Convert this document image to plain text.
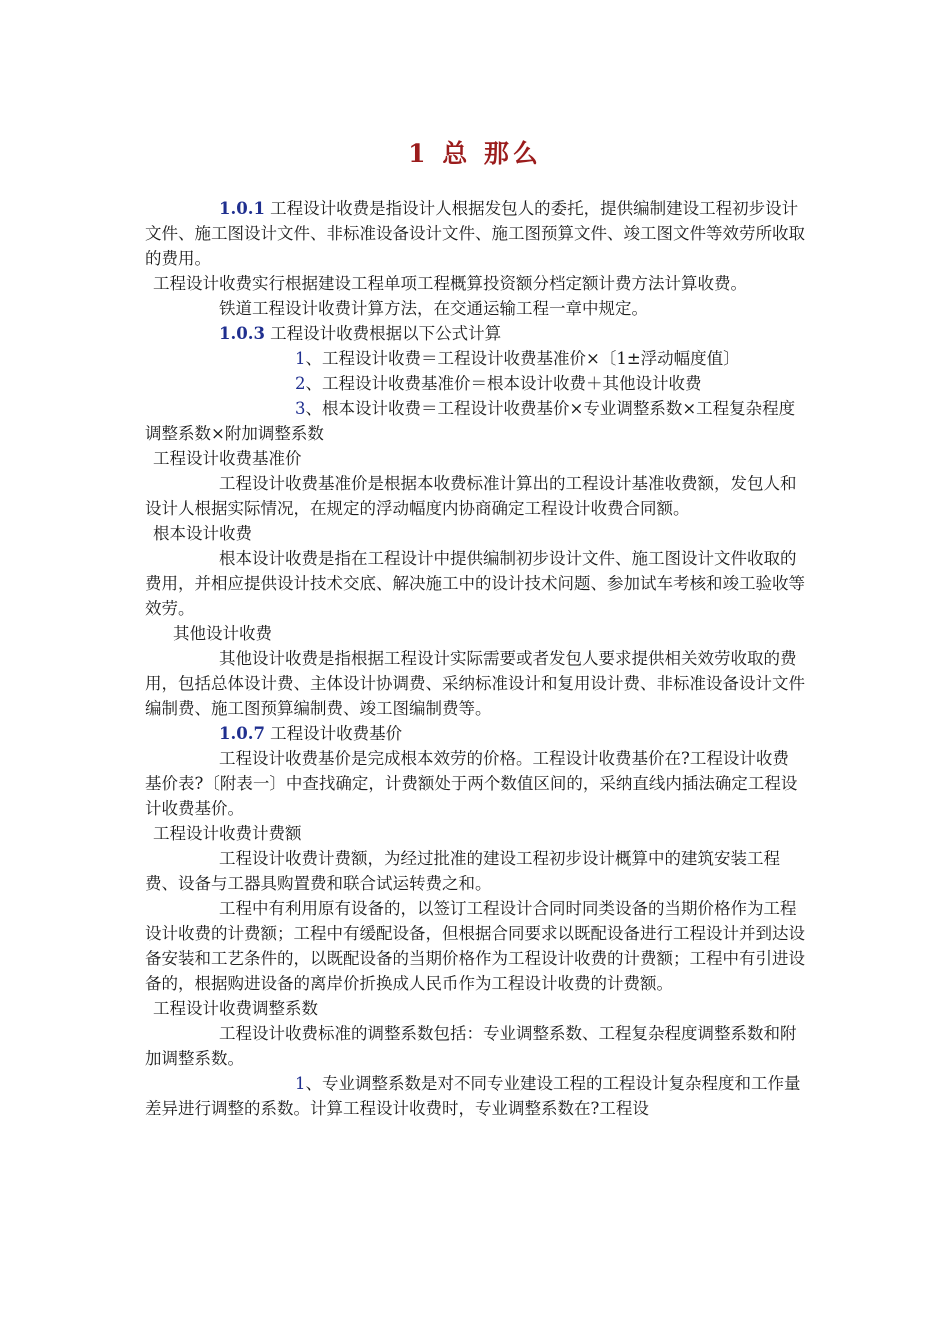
1 总 那么

1.0.1 工程设计收费是指设计人根据发包人的委托，提供编制建设工程初步设计文件、施工图设计文件、非标准设备设计文件、施工图预算文件、竣工图文件等效劳所收取的费用。

工程设计收费实行根据建设工程单项工程概算投资额分档定额计费方法计算收费。

铁道工程设计收费计算方法，在交通运输工程一章中规定。

1.0.3 工程设计收费根据以下公式计算

1、工程设计收费＝工程设计收费基准价×〔1±浮动幅度值〕

2、工程设计收费基准价＝根本设计收费＋其他设计收费

3、根本设计收费＝工程设计收费基价×专业调整系数×工程复杂程度调整系数×附加调整系数

工程设计收费基准价

工程设计收费基准价是根据本收费标准计算出的工程设计基准收费额，发包人和设计人根据实际情况，在规定的浮动幅度内协商确定工程设计收费合同额。

根本设计收费

根本设计收费是指在工程设计中提供编制初步设计文件、施工图设计文件收取的费用，并相应提供设计技术交底、解决施工中的设计技术问题、参加试车考核和竣工验收等效劳。

其他设计收费

其他设计收费是指根据工程设计实际需要或者发包人要求提供相关效劳收取的费用，包括总体设计费、主体设计协调费、采纳标准设计和复用设计费、非标准设备设计文件编制费、施工图预算编制费、竣工图编制费等。

1.0.7 工程设计收费基价

工程设计收费基价是完成根本效劳的价格。工程设计收费基价在?工程设计收费基价表?〔附表一〕中查找确定，计费额处于两个数值区间的，采纳直线内插法确定工程设计收费基价。

工程设计收费计费额

工程设计收费计费额，为经过批准的建设工程初步设计概算中的建筑安装工程费、设备与工器具购置费和联合试运转费之和。

工程中有利用原有设备的，以签订工程设计合同时同类设备的当期价格作为工程设计收费的计费额；工程中有缓配设备，但根据合同要求以既配设备进行工程设计并到达设备安装和工艺条件的，以既配设备的当期价格作为工程设计收费的计费额；工程中有引进设备的，根据购进设备的离岸价折换成人民币作为工程设计收费的计费额。

工程设计收费调整系数

工程设计收费标准的调整系数包括：专业调整系数、工程复杂程度调整系数和附加调整系数。

1、专业调整系数是对不同专业建设工程的工程设计复杂程度和工作量差异进行调整的系数。计算工程设计收费时，专业调整系数在?工程设
